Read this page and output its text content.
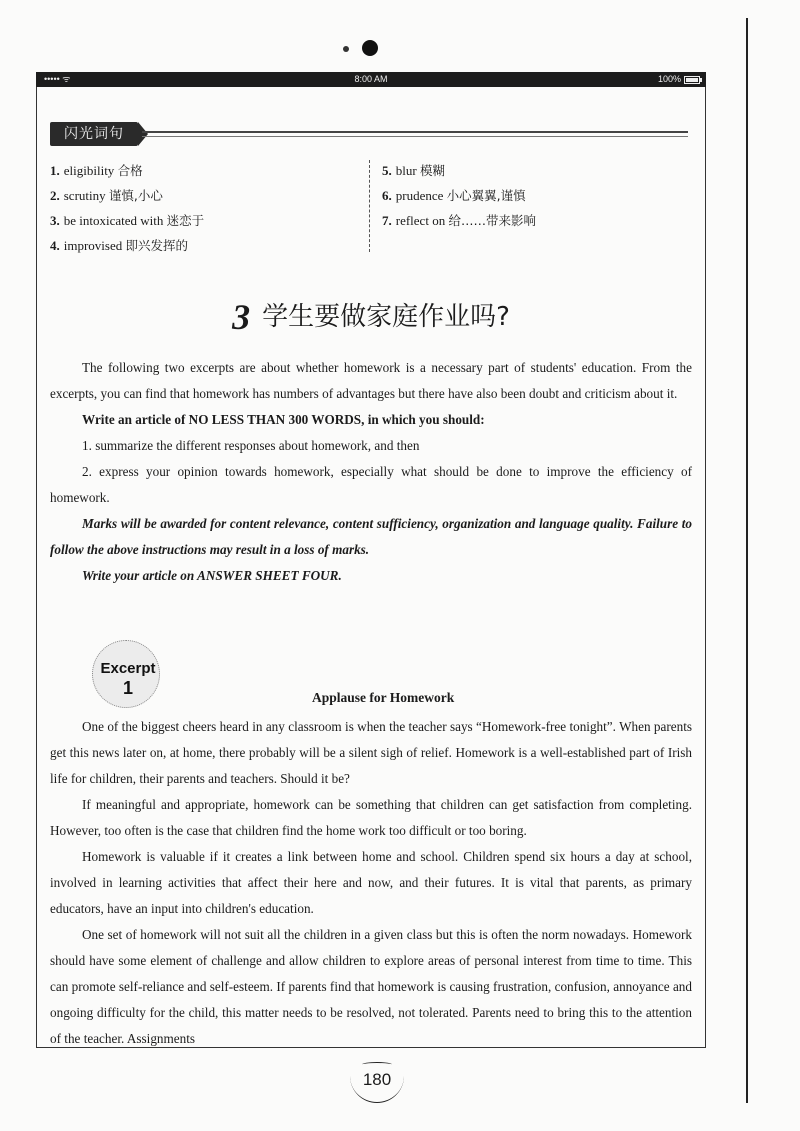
••••• ᯤ	8:00 AM	100%
闪光词句
1. eligibility 合格
2. scrutiny 谨慎,小心
3. be intoxicated with 迷恋于
4. improvised 即兴发挥的
5. blur 模糊
6. prudence 小心翼翼,谨慎
7. reflect on 给……带来影响
3 学生要做家庭作业吗?

The following two excerpts are about whether homework is a necessary part of students' education. From the excerpts, you can find that homework has numbers of advantages but there have also been doubt and criticism about it.

Write an article of NO LESS THAN 300 WORDS, in which you should:

1. summarize the different responses about homework, and then

2. express your opinion towards homework, especially what should be done to improve the efficiency of homework.

Marks will be awarded for content relevance, content sufficiency, organization and language quality. Failure to follow the above instructions may result in a loss of marks.

Write your article on ANSWER SHEET FOUR.

Excerpt
1	Applause for Homework

One of the biggest cheers heard in any classroom is when the teacher says “Homework-free tonight”. When parents get this news later on, at home, there probably will be a silent sigh of relief. Homework is a well-established part of Irish life for children, their parents and teachers. Should it be?

If meaningful and appropriate, homework can be something that children can get satisfaction from completing. However, too often is the case that children find the home work too difficult or too boring.

Homework is valuable if it creates a link between home and school. Children spend six hours a day at school, involved in learning activities that affect their here and now, and their futures. It is vital that parents, as primary educators, have an input into children's education.

One set of homework will not suit all the children in a given class but this is often the norm nowadays. Homework should have some element of challenge and allow children to explore areas of personal interest from time to time. This can promote self-reliance and self-esteem. If parents find that homework is causing frustration, confusion, annoyance and ongoing difficulty for the child, this matter needs to be resolved, not tolerated. Parents need to bring this to the attention of the teacher. Assignments

180
